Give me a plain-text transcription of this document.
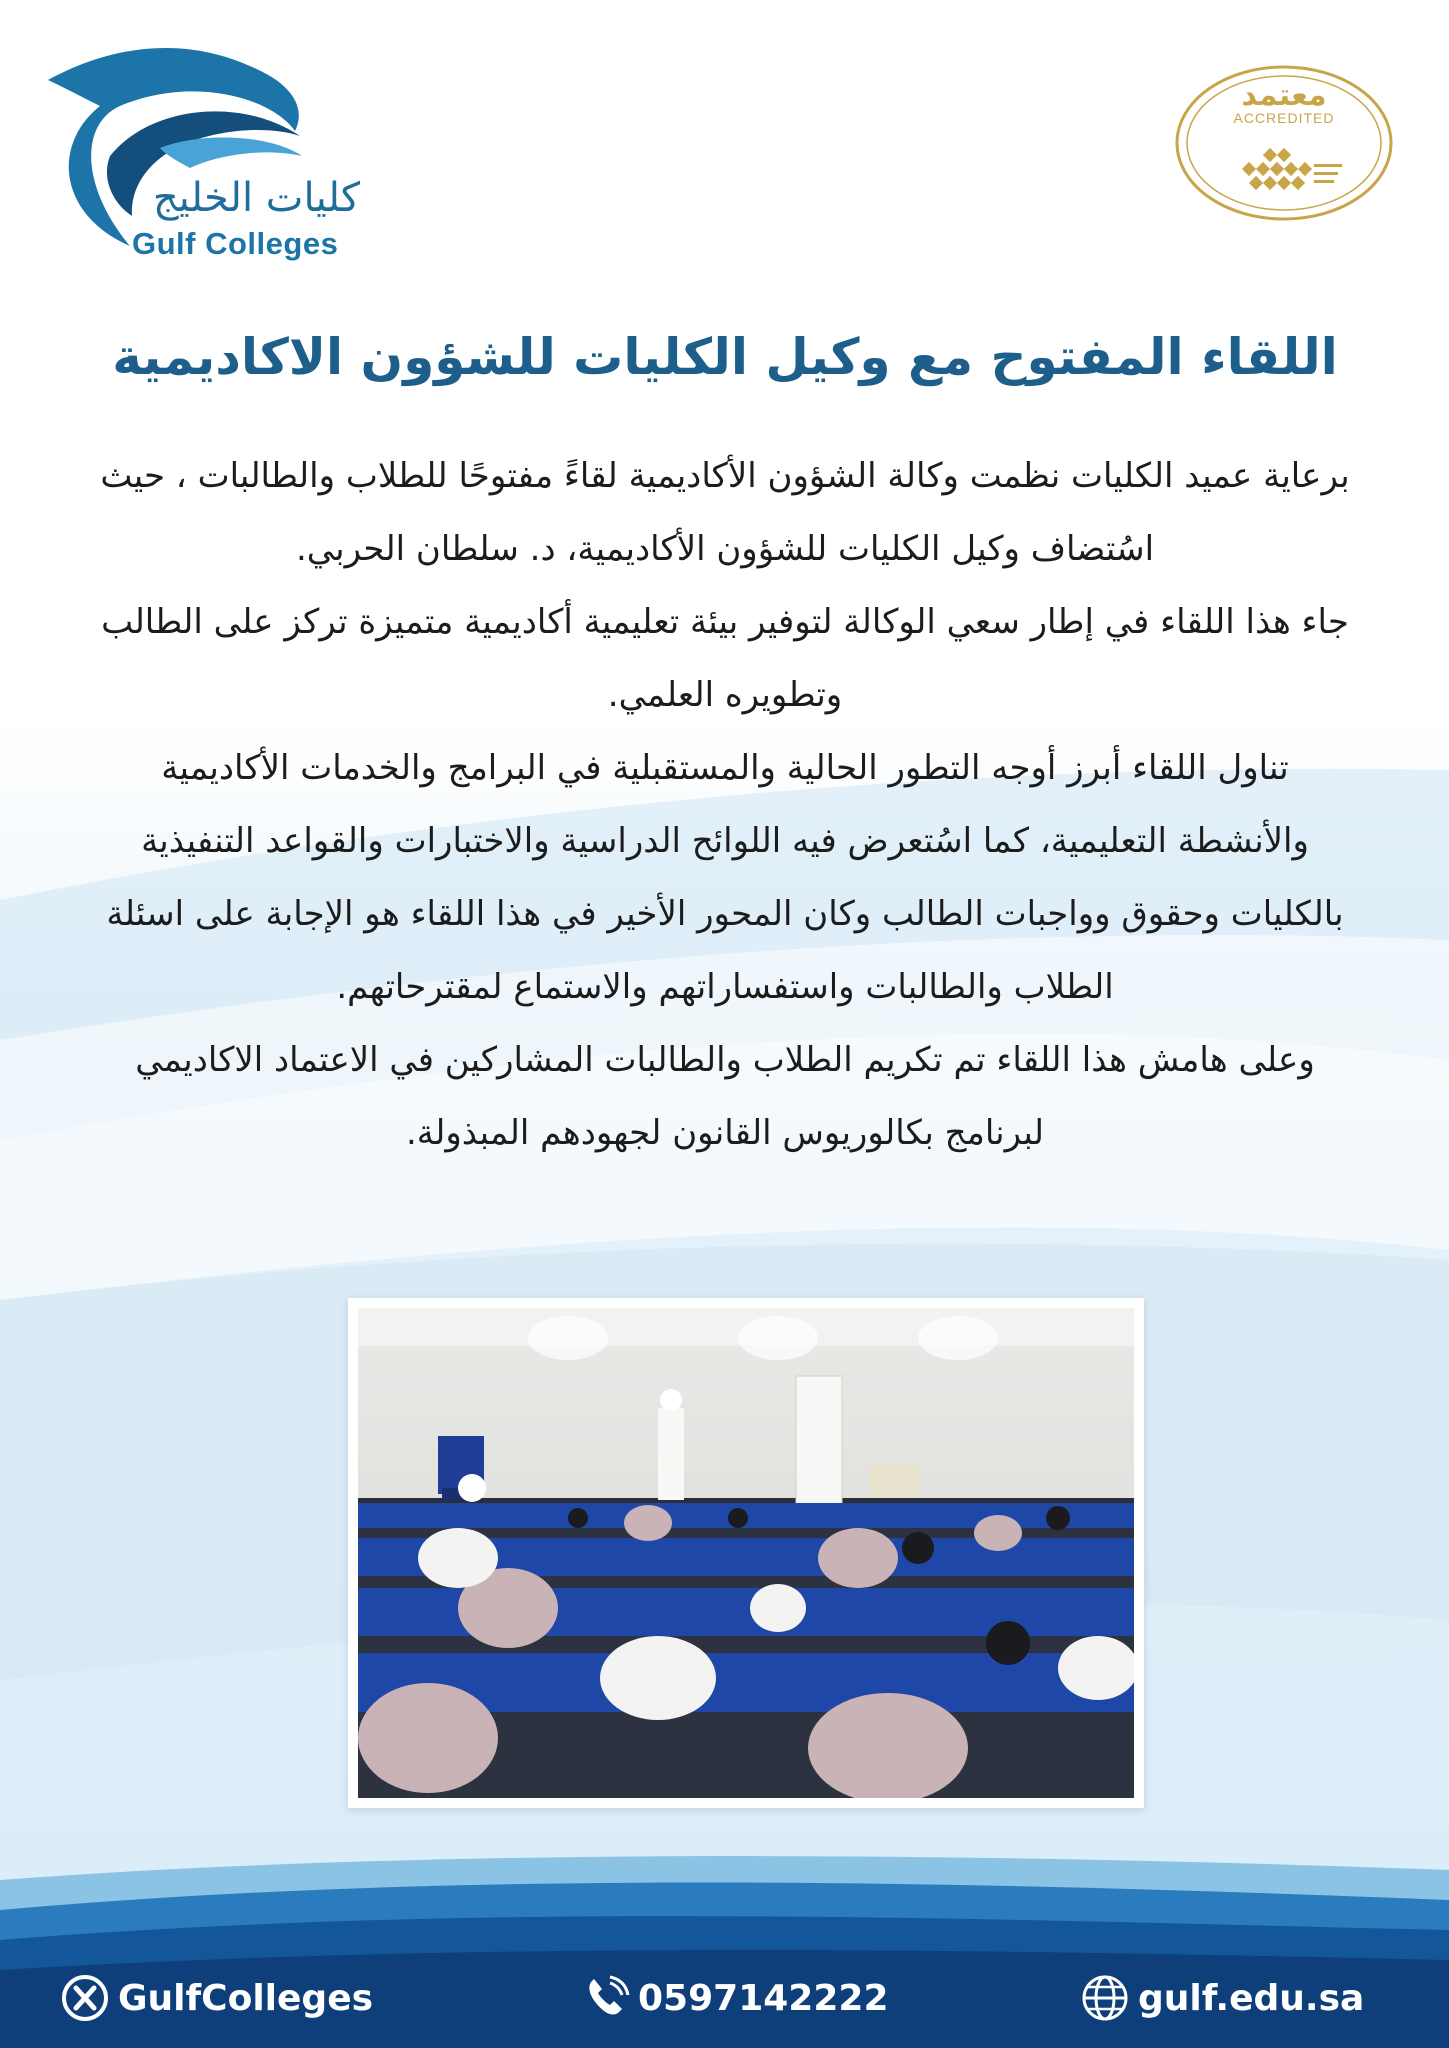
كليات الخليج
Gulf Colleges
معتمد
ACCREDITED
اللقاء المفتوح مع وكيل الكليات للشؤون الاكاديمية

برعاية عميد الكليات نظمت وكالة الشؤون الأكاديمية لقاءً مفتوحًا للطلاب والطالبات ، حيث اسُتضاف وكيل الكليات للشؤون الأكاديمية، د. سلطان الحربي.

جاء هذا اللقاء في إطار سعي الوكالة لتوفير بيئة تعليمية أكاديمية متميزة تركز على الطالب وتطويره العلمي.

تناول اللقاء أبرز أوجه التطور الحالية والمستقبلية في البرامج والخدمات الأكاديمية والأنشطة التعليمية، كما اسُتعرض فيه اللوائح الدراسية والاختبارات والقواعد التنفيذية بالكليات وحقوق وواجبات الطالب وكان المحور الأخير في هذا اللقاء هو الإجابة على اسئلة الطلاب والطالبات واستفساراتهم والاستماع لمقترحاتهم.

وعلى هامش هذا اللقاء تم تكريم الطلاب والطالبات المشاركين في الاعتماد الاكاديمي لبرنامج بكالوريوس القانون لجهودهم المبذولة.

GulfColleges	0597142222	gulf.edu.sa
